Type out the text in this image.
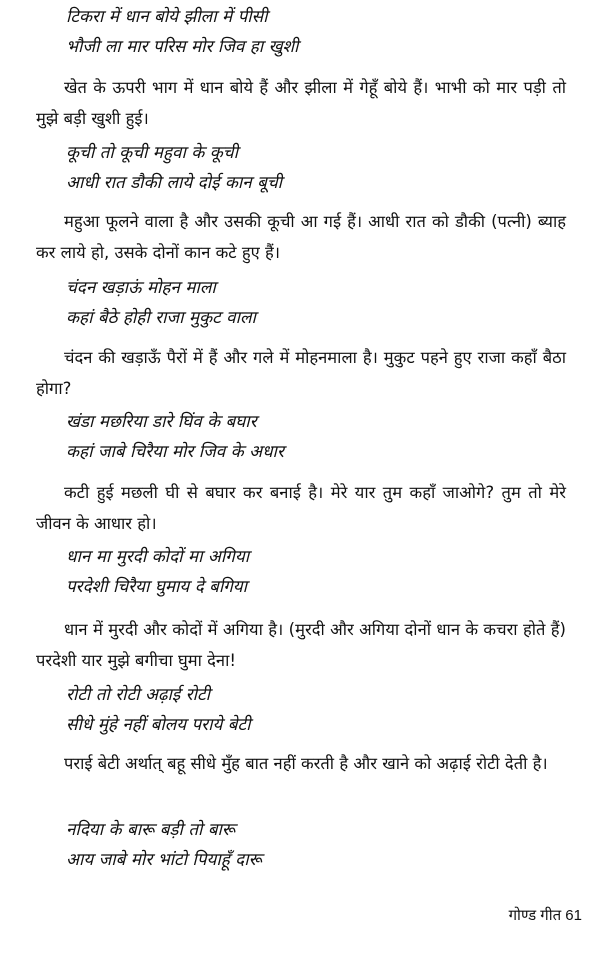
टिकरा में धान बोये झीला में पीसी
भौजी ला मार परिस मोर जिव हा खुशी

खेत के ऊपरी भाग में धान बोये हैं और झीला में गेहूँ बोये हैं। भाभी को मार पड़ी तो मुझे बड़ी खुशी हुई।

कूची तो कूची महुवा के कूची
आधी रात डौकी लाये दोई कान बूची

महुआ फूलने वाला है और उसकी कूची आ गई हैं। आधी रात को डौकी (पत्नी) ब्याह कर लाये हो, उसके दोनों कान कटे हुए हैं।

चंदन खड़ाऊं मोहन माला
कहां बैठे होही राजा मुकुट वाला

चंदन की खड़ाऊँ पैरों में हैं और गले में मोहनमाला है। मुकुट पहने हुए राजा कहाँ बैठा होगा?

खंडा मछरिया डारे घिंव के बघार
कहां जाबे चिरैया मोर जिव के अधार

कटी हुई मछली घी से बघार कर बनाई है। मेरे यार तुम कहाँ जाओगे? तुम तो मेरे जीवन के आधार हो।

धान मा मुरदी कोदों मा अगिया
परदेशी चिरैया घुमाय दे बगिया

धान में मुरदी और कोदों में अगिया है। (मुरदी और अगिया दोनों धान के कचरा होते हैं) परदेशी यार मुझे बगीचा घुमा देना!

रोटी तो रोटी अढ़ाई रोटी
सीधे मुंहे नहीं बोलय पराये बेटी

पराई बेटी अर्थात् बहू सीधे मुँह बात नहीं करती है और खाने को अढ़ाई रोटी देती है।

नदिया के बारू बड़ी तो बारू
आय जाबे मोर भांटो पियाहूँ दारू
गोण्ड गीत 61
